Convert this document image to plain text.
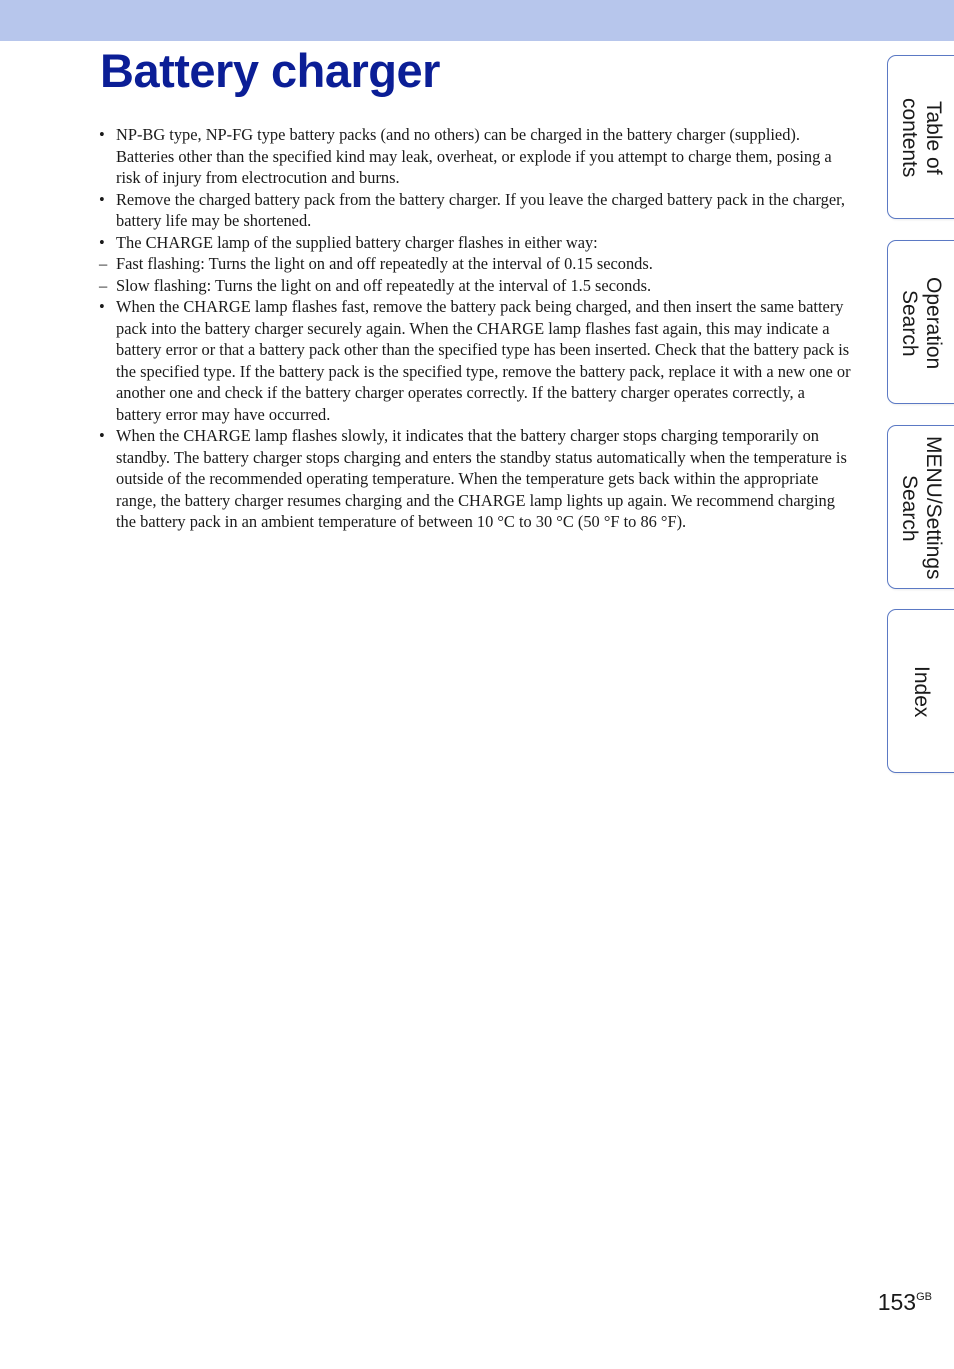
Battery charger
• NP-BG type, NP-FG type battery packs (and no others) can be charged in the battery charger (supplied). Batteries other than the specified kind may leak, overheat, or explode if you attempt to charge them, posing a risk of injury from electrocution and burns.
• Remove the charged battery pack from the battery charger. If you leave the charged battery pack in the charger, battery life may be shortened.
• The CHARGE lamp of the supplied battery charger flashes in either way:
– Fast flashing: Turns the light on and off repeatedly at the interval of 0.15 seconds.
– Slow flashing: Turns the light on and off repeatedly at the interval of 1.5 seconds.
• When the CHARGE lamp flashes fast, remove the battery pack being charged, and then insert the same battery pack into the battery charger securely again. When the CHARGE lamp flashes fast again, this may indicate a battery error or that a battery pack other than the specified type has been inserted. Check that the battery pack is the specified type. If the battery pack is the specified type, remove the battery pack, replace it with a new one or another one and check if the battery charger operates correctly. If the battery charger operates correctly, a battery error may have occurred.
• When the CHARGE lamp flashes slowly, it indicates that the battery charger stops charging temporarily on standby. The battery charger stops charging and enters the standby status automatically when the temperature is outside of the recommended operating temperature. When the temperature gets back within the appropriate range, the battery charger resumes charging and the CHARGE lamp lights up again. We recommend charging the battery pack in an ambient temperature of between 10 °C to 30 °C (50 °F to 86 °F).
Table of
contents
Operation
Search
MENU/Settings
Search
Index
$153^{GB}$
